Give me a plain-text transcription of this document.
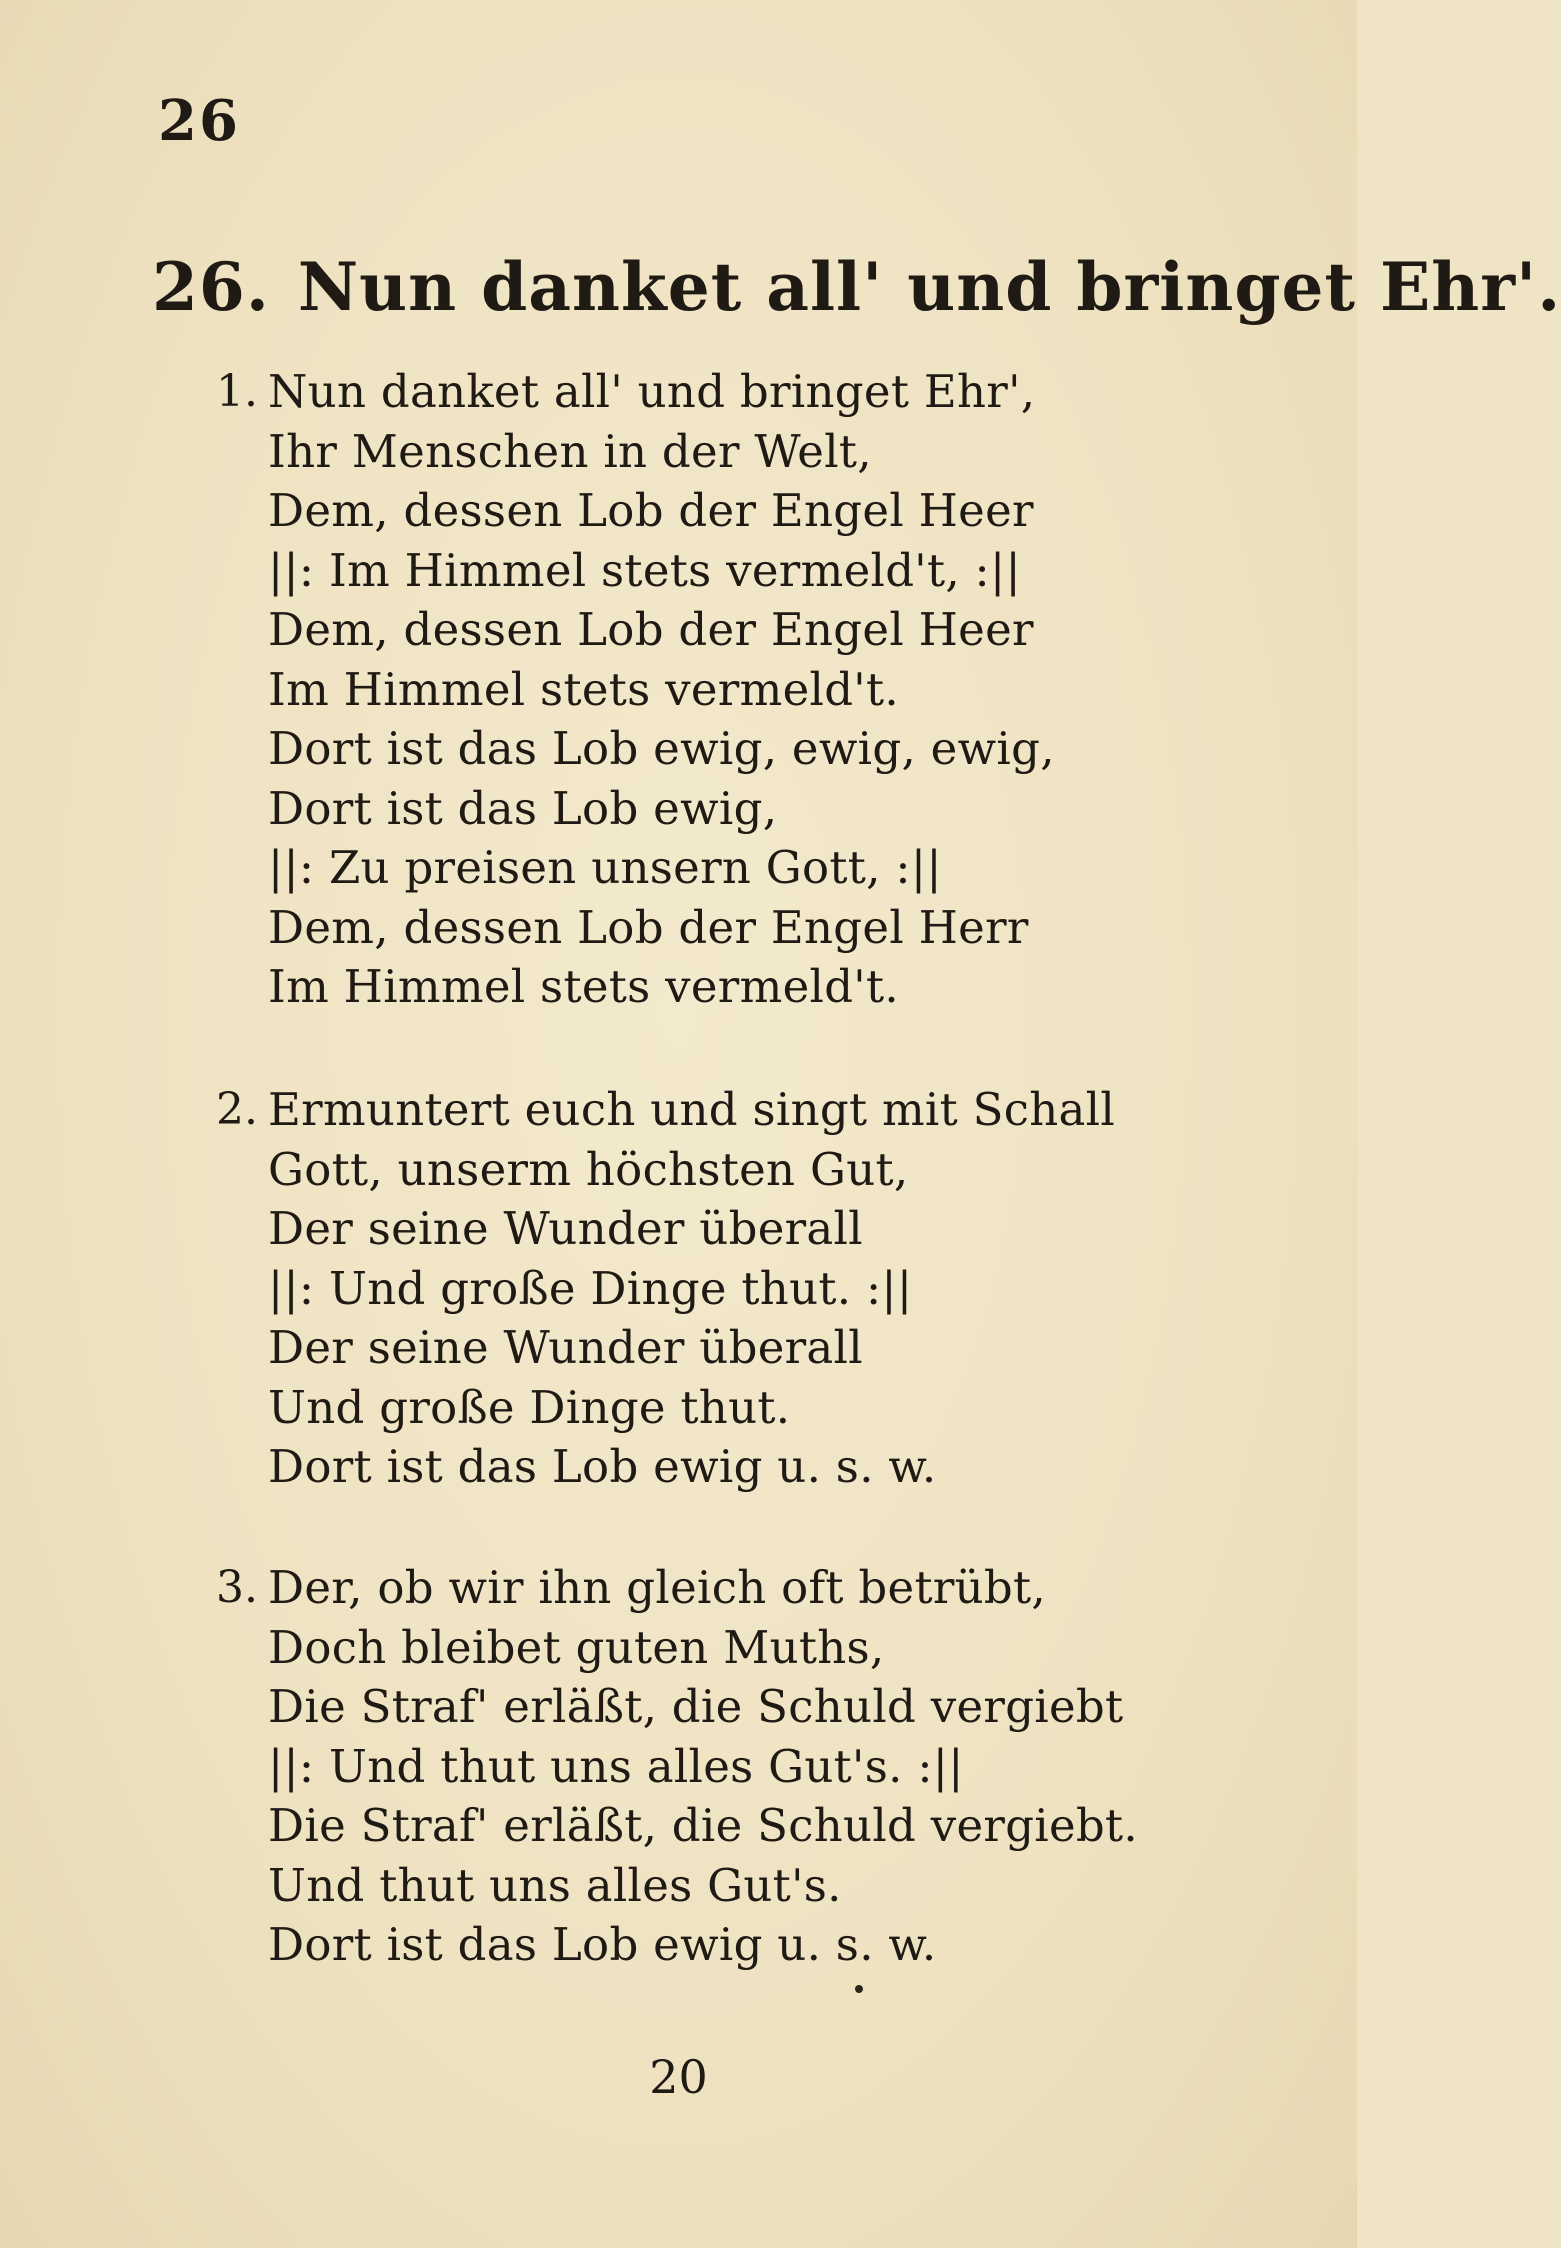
26
26. Nun danket all' und bringet Ehr'.
1. Nun danket all' und bringet Ehr',
Ihr Menschen in der Welt,
Dem, dessen Lob der Engel Heer
||: Im Himmel stets vermeld't, :||
Dem, dessen Lob der Engel Heer
Im Himmel stets vermeld't.
Dort ist das Lob ewig, ewig, ewig,
Dort ist das Lob ewig,
||: Zu preisen unsern Gott, :||
Dem, dessen Lob der Engel Herr
Im Himmel stets vermeld't.
2. Ermuntert euch und singt mit Schall
Gott, unserm höchsten Gut,
Der seine Wunder überall
||: Und große Dinge thut. :||
Der seine Wunder überall
Und große Dinge thut.
Dort ist das Lob ewig u. s. w.
3. Der, ob wir ihn gleich oft betrübt,
Doch bleibet guten Muths,
Die Straf' erläßt, die Schuld vergiebt
||: Und thut uns alles Gut's. :||
Die Straf' erläßt, die Schuld vergiebt.
Und thut uns alles Gut's.
Dort ist das Lob ewig u. s. w.
20
